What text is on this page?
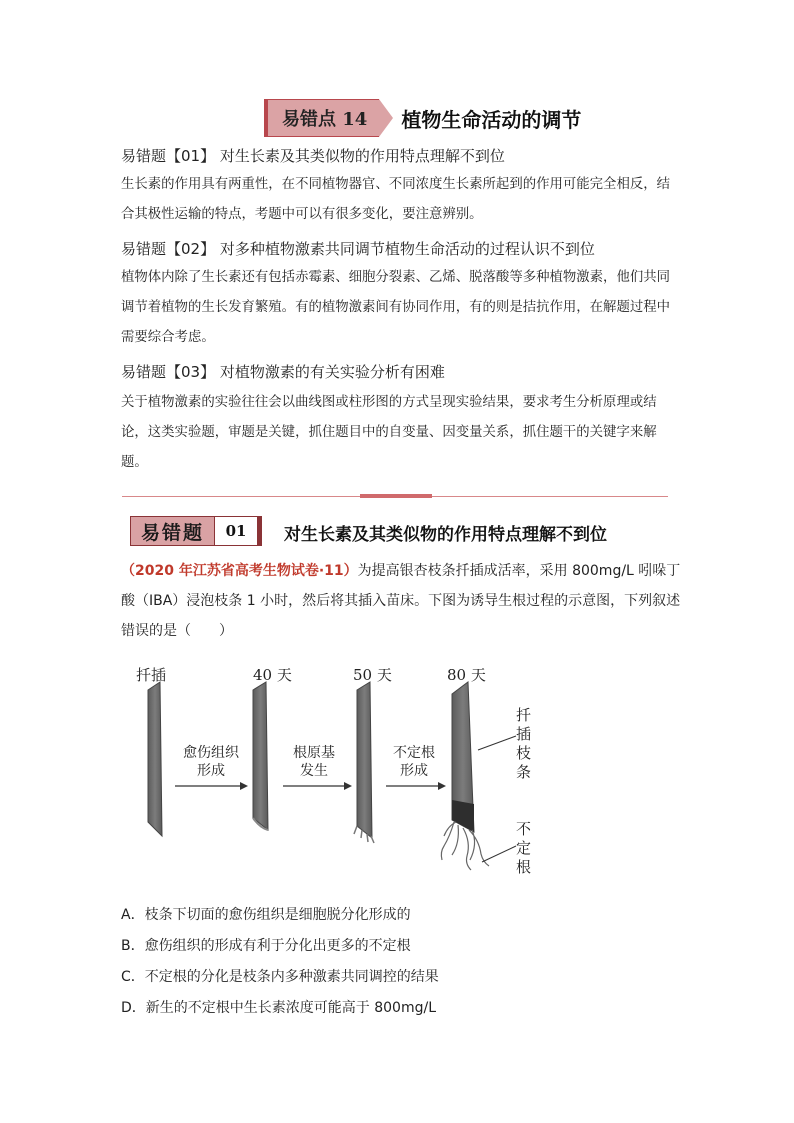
易错点 14	植物生命活动的调节
易错题【01】 对生长素及其类似物的作用特点理解不到位
生长素的作用具有两重性，在不同植物器官、不同浓度生长素所起到的作用可能完全相反，结合其极性运输的特点，考题中可以有很多变化，要注意辨别。
易错题【02】 对多种植物激素共同调节植物生命活动的过程认识不到位
植物体内除了生长素还有包括赤霉素、细胞分裂素、乙烯、脱落酸等多种植物激素，他们共同调节着植物的生长发育繁殖。有的植物激素间有协同作用，有的则是拮抗作用，在解题过程中需要综合考虑。
易错题【03】 对植物激素的有关实验分析有困难
关于植物激素的实验往往会以曲线图或柱形图的方式呈现实验结果，要求考生分析原理或结论，这类实验题，审题是关键，抓住题目中的自变量、因变量关系，抓住题干的关键字来解题。
易错题	01	对生长素及其类似物的作用特点理解不到位
（2020 年江苏省高考生物试卷·11）为提高银杏枝条扦插成活率，采用 800mg/L 吲哚丁酸（IBA）浸泡枝条 1 小时，然后将其插入苗床。下图为诱导生根过程的示意图，下列叙述错误的是（　　）
扦插	40 天	50 天	80 天
愈伤组织
形成
根原基
发生
不定根
形成
扦插枝条
不定根
A．枝条下切面的愈伤组织是细胞脱分化形成的
B．愈伤组织的形成有利于分化出更多的不定根
C．不定根的分化是枝条内多种激素共同调控的结果
D．新生的不定根中生长素浓度可能高于 800mg/L
